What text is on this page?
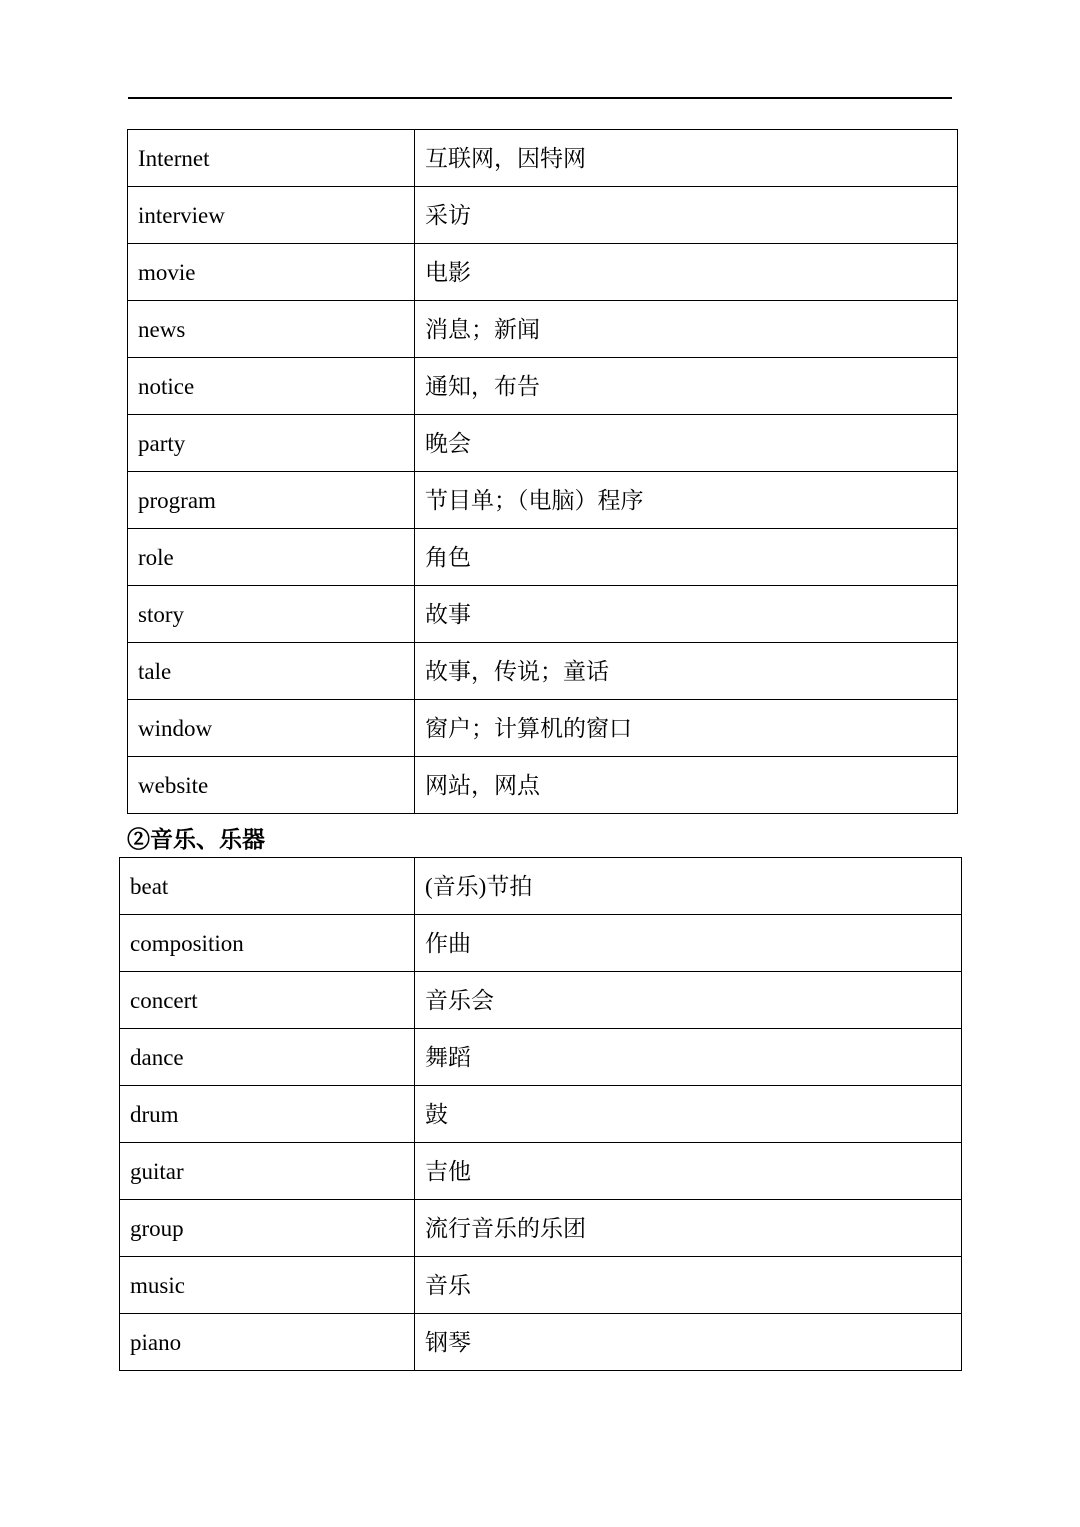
Internet	互联网，因特网
interview	采访
movie	电影
news	消息；新闻
notice	通知，布告
party	晚会
program	节目单；（电脑）程序
role	角色
story	故事
tale	故事，传说；童话
window	窗户；计算机的窗口
website	网站，网点
②音乐、乐器
beat	(音乐)节拍
composition	作曲
concert	音乐会
dance	舞蹈
drum	鼓
guitar	吉他
group	流行音乐的乐团
music	音乐
piano	钢琴
